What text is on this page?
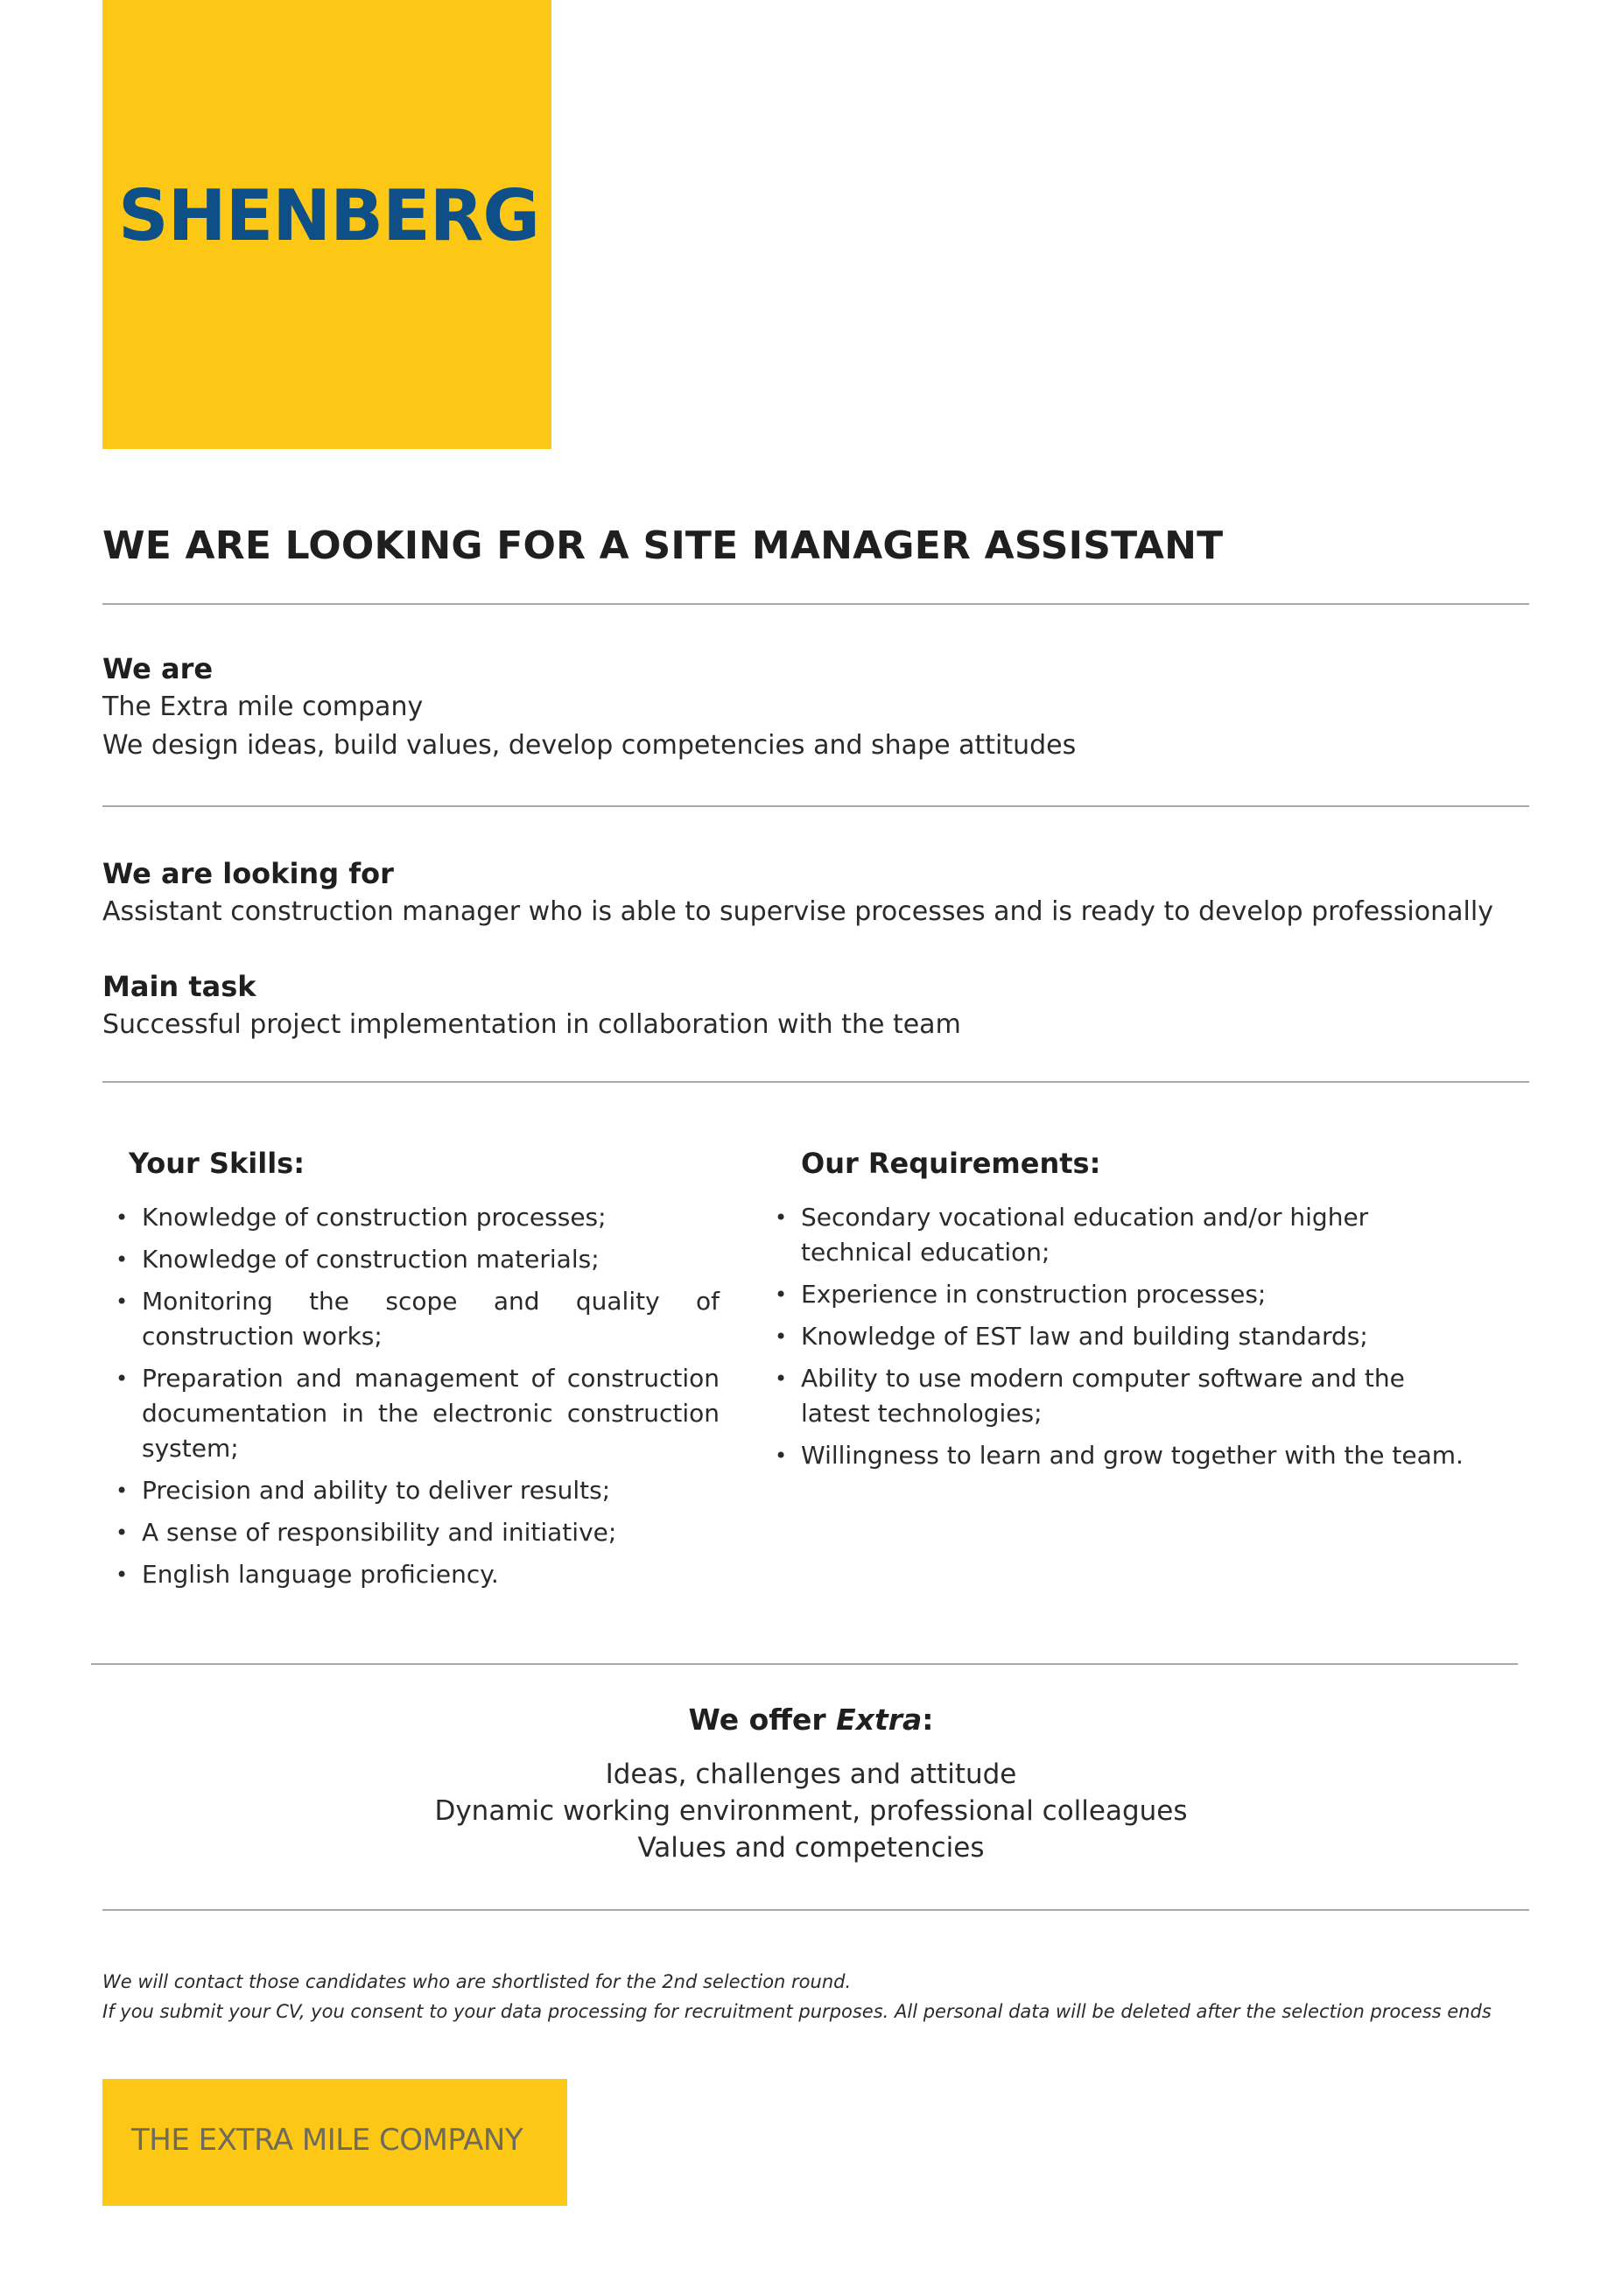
SHENBERG
WE ARE LOOKING FOR A SITE MANAGER ASSISTANT
We are
The Extra mile company
We design ideas, build values, develop competencies and shape attitudes
We are looking for
Assistant construction manager who is able to supervise processes and is ready to develop professionally
Main task
Successful project implementation in collaboration with the team
Your Skills:
• Knowledge of construction processes;
• Knowledge of construction materials;
• Monitoring the scope and quality of construction works;
• Preparation and management of construction documentation in the electronic construction system;
• Precision and ability to deliver results;
• A sense of responsibility and initiative;
• English language proficiency.
Our Requirements:
• Secondary vocational education and/or higher technical education;
• Experience in construction processes;
• Knowledge of EST law and building standards;
• Ability to use modern computer software and the latest technologies;
• Willingness to learn and grow together with the team.
We offer Extra:
Ideas, challenges and attitude
Dynamic working environment, professional colleagues
Values and competencies
We will contact those candidates who are shortlisted for the 2nd selection round.
If you submit your CV, you consent to your data processing for recruitment purposes. All personal data will be deleted after the selection process ends
THE EXTRA MILE COMPANY
